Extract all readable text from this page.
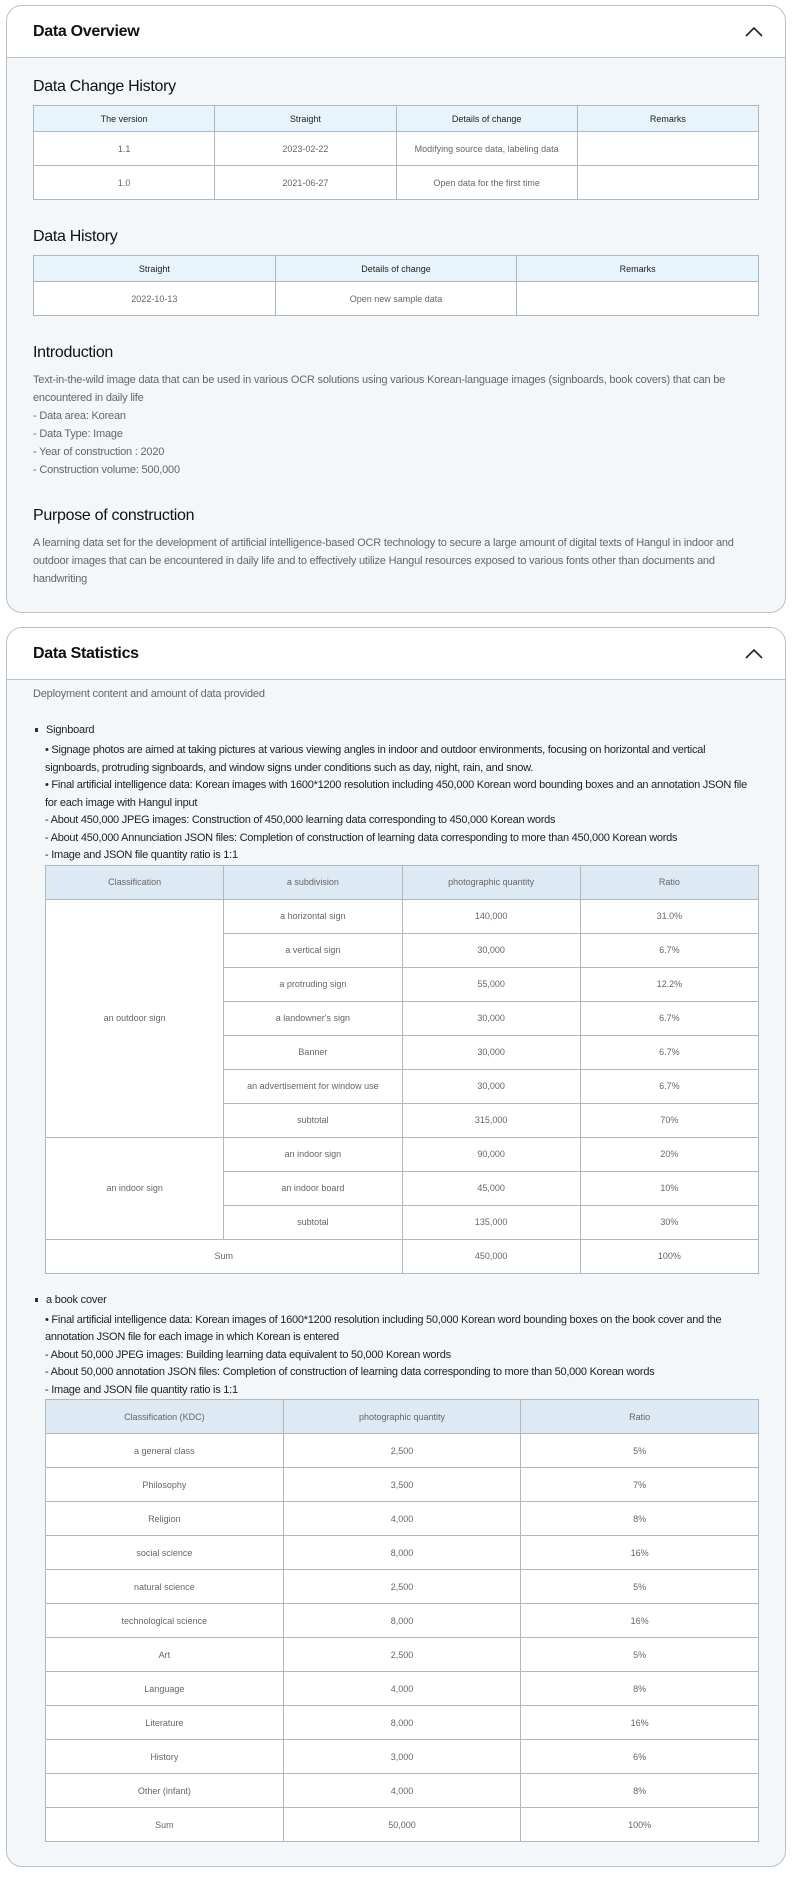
Data Overview
Data Change History
The version	Straight	Details of change	Remarks
1.1	2023-02-22	Modifying source data, labeling data	
1.0	2021-06-27	Open data for the first time	
Data History
Straight	Details of change	Remarks
2022-10-13	Open new sample data	
Introduction
Text-in-the-wild image data that can be used in various OCR solutions using various Korean-language images (signboards, book covers) that can be encountered in daily life
- Data area: Korean
- Data Type: Image
- Year of construction : 2020
- Construction volume: 500,000
Purpose of construction
A learning data set for the development of artificial intelligence-based OCR technology to secure a large amount of digital texts of Hangul in indoor and outdoor images that can be encountered in daily life and to effectively utilize Hangul resources exposed to various fonts other than documents and handwriting
Data Statistics
Deployment content and amount of data provided
Signboard
• Signage photos are aimed at taking pictures at various viewing angles in indoor and outdoor environments, focusing on horizontal and vertical signboards, protruding signboards, and window signs under conditions such as day, night, rain, and snow.
• Final artificial intelligence data: Korean images with 1600*1200 resolution including 450,000 Korean word bounding boxes and an annotation JSON file for each image with Hangul input
- About 450,000 JPEG images: Construction of 450,000 learning data corresponding to 450,000 Korean words
- About 450,000 Annunciation JSON files: Completion of construction of learning data corresponding to more than 450,000 Korean words
- Image and JSON file quantity ratio is 1:1
Classification	a subdivision	photographic quantity	Ratio
an outdoor sign	a horizontal sign	140,000	31.0%
	a vertical sign	30,000	6.7%
	a protruding sign	55,000	12.2%
	a landowner's sign	30,000	6.7%
	Banner	30,000	6.7%
	an advertisement for window use	30,000	6.7%
	subtotal	315,000	70%
an indoor sign	an indoor sign	90,000	20%
	an indoor board	45,000	10%
	subtotal	135,000	30%
Sum		450,000	100%
a book cover
• Final artificial intelligence data: Korean images of 1600*1200 resolution including 50,000 Korean word bounding boxes on the book cover and the annotation JSON file for each image in which Korean is entered
- About 50,000 JPEG images: Building learning data equivalent to 50,000 Korean words
- About 50,000 annotation JSON files: Completion of construction of learning data corresponding to more than 50,000 Korean words
- Image and JSON file quantity ratio is 1:1
Classification (KDC)	photographic quantity	Ratio
a general class	2,500	5%
Philosophy	3,500	7%
Religion	4,000	8%
social science	8,000	16%
natural science	2,500	5%
technological science	8,000	16%
Art	2,500	5%
Language	4,000	8%
Literature	8,000	16%
History	3,000	6%
Other (infant)	4,000	8%
Sum	50,000	100%
